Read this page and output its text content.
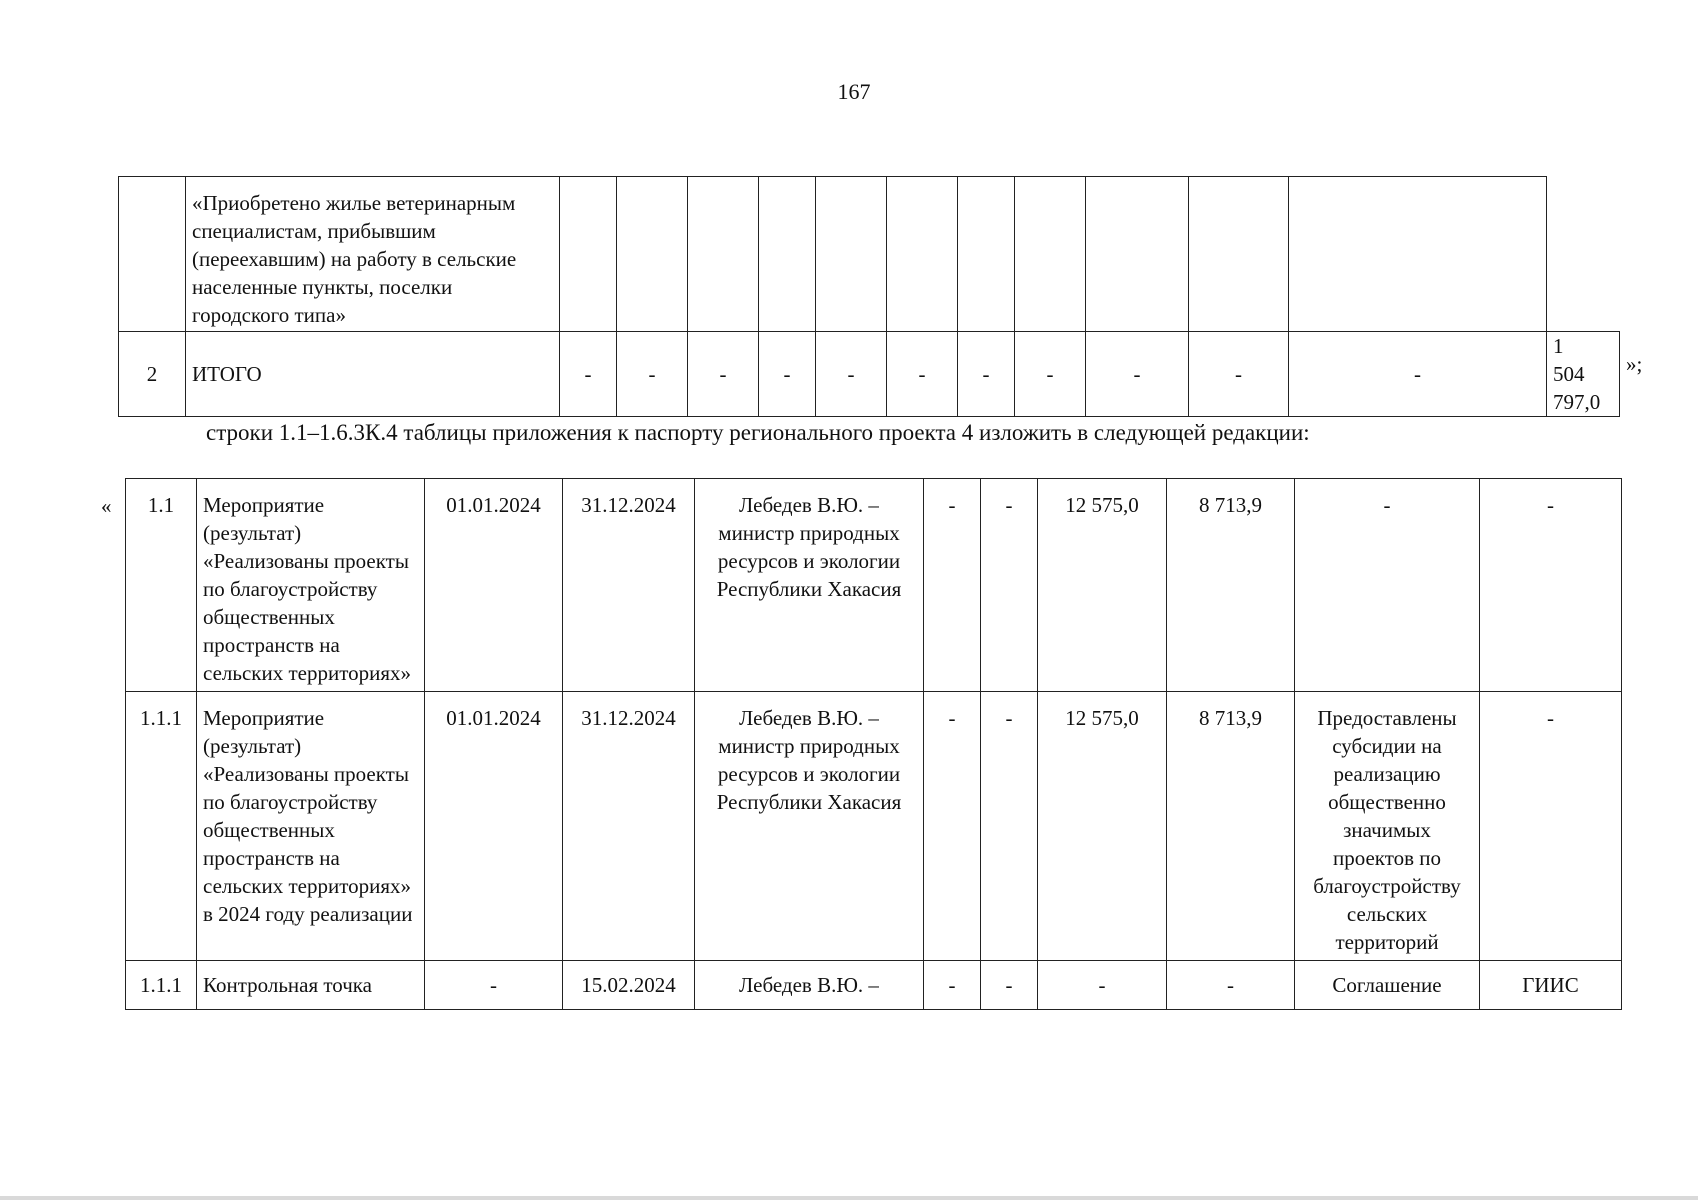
167
	«Приобретено жилье ветеринарным специалистам, прибывшим (переехавшим) на работу в сельские населенные пункты, поселки городского типа»												
2	ИТОГО	-	-	-	-	-	-	-	-	-	-	-	1 504 797,0
»;
строки 1.1–1.6.3К.4 таблицы приложения к паспорту регионального проекта 4 изложить в следующей редакции:
« 1.1	Мероприятие (результат) «Реализованы проекты по благоустройству общественных пространств на сельских территориях»	01.01.2024	31.12.2024	Лебедев В.Ю. – министр природных ресурсов и экологии Республики Хакасия	-	-	12 575,0	8 713,9	-	-
1.1.1	Мероприятие (результат) «Реализованы проекты по благоустройству общественных пространств на сельских территориях» в 2024 году реализации	01.01.2024	31.12.2024	Лебедев В.Ю. – министр природных ресурсов и экологии Республики Хакасия	-	-	12 575,0	8 713,9	Предоставлены субсидии на реализацию общественно значимых проектов по благоустройству сельских территорий	-
1.1.1	Контрольная точка	-	15.02.2024	Лебедев В.Ю. –	-	-	-	-	Соглашение	ГИИС
